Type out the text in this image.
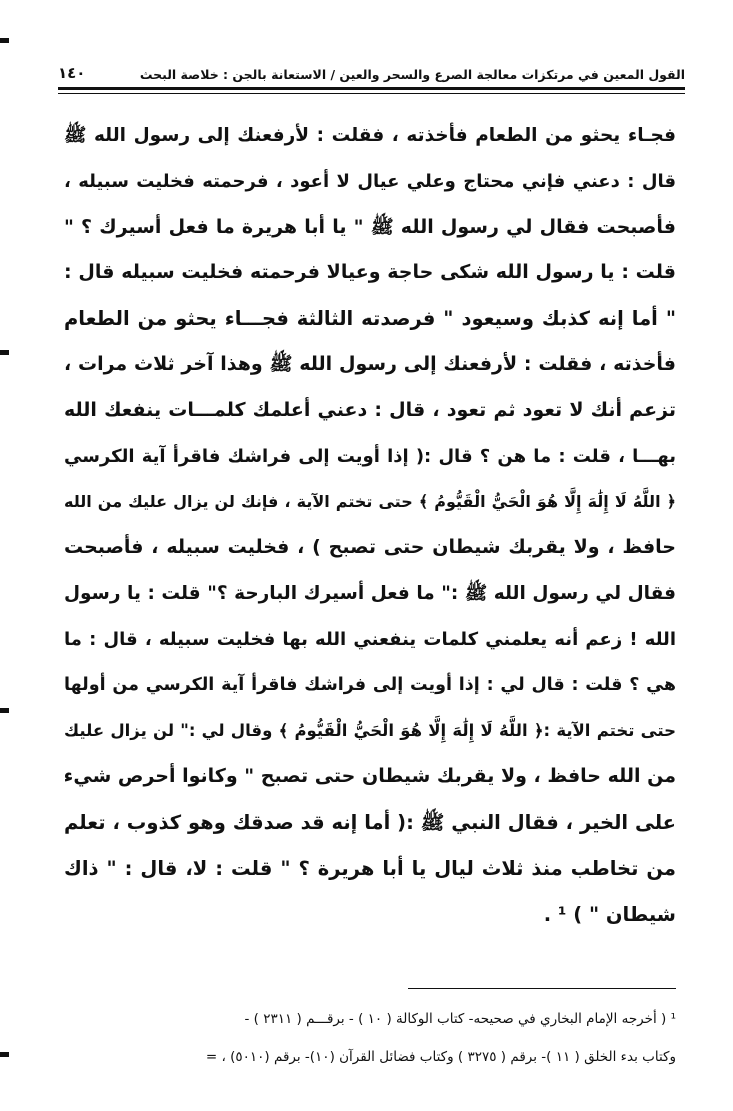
القول المعين في مرتكزات معالجة الصرع والسحر والعين / الاستعانة بالجن : خلاصة البحث
١٤٠
فجـاء يحثو من الطعام فأخذته ، فقلت : لأرفعنك إلى رسول الله ﷺ
قال : دعني فإني محتاج وعلي عيال لا أعود ، فرحمته فخليت سبيله ،
فأصبحت فقال لي رسول الله ﷺ " يا أبا هريرة ما فعل أسيرك ؟ "
قلت : يا رسول الله شكى حاجة وعيالا فرحمته فخليت سبيله قال :
" أما إنه كذبك وسيعود " فرصدته الثالثة فجـــاء يحثو من الطعام
فأخذته ، فقلت : لأرفعنك إلى رسول الله ﷺ وهذا آخر ثلاث مرات ،
تزعم أنك لا تعود ثم تعود ، قال : دعني أعلمك كلمـــات ينفعك الله
بهـــا ، قلت : ما هن ؟ قال :( إذا أويت إلى فراشك فاقرأ آية الكرسي
﴿ اللَّهُ لَا إِلَٰهَ إِلَّا هُوَ الْحَيُّ الْقَيُّومُ ﴾ حتى تختم الآية ، فإنك لن يزال عليك من الله
حافظ ، ولا يقربك شيطان حتى تصبح ) ، فخليت سبيله ، فأصبحت
فقال لي رسول الله ﷺ :" ما فعل أسيرك البارحة ؟" قلت : يا رسول
الله ! زعم أنه يعلمني كلمات ينفعني الله بها فخليت سبيله ، قال : ما
هي ؟ قلت : قال لي : إذا أويت إلى فراشك فاقرأ آية الكرسي من أولها
حتى تختم الآية :﴿ اللَّهُ لَا إِلَٰهَ إِلَّا هُوَ الْحَيُّ الْقَيُّومُ ﴾ وقال لي :" لن يزال عليك
من الله حافظ ، ولا يقربك شيطان حتى تصبح " وكانوا أحرص شيء
على الخير ، فقال النبي ﷺ :( أما إنه قد صدقك وهو كذوب ، تعلم
من تخاطب منذ ثلاث ليال يا أبا هريرة ؟ " قلت : لا، قال : " ذاك
شيطان " ) ¹ .
¹ ( أخرجه الإمام البخاري في صحيحه- كتاب الوكالة ( ١٠ ) - برقـــم ( ٢٣١١ ) -
وكتاب بدء الخلق ( ١١ )- برقم ( ٣٢٧٥ ) وكتاب فضائل القرآن (١٠)- برقم (٥٠١٠) ، =
